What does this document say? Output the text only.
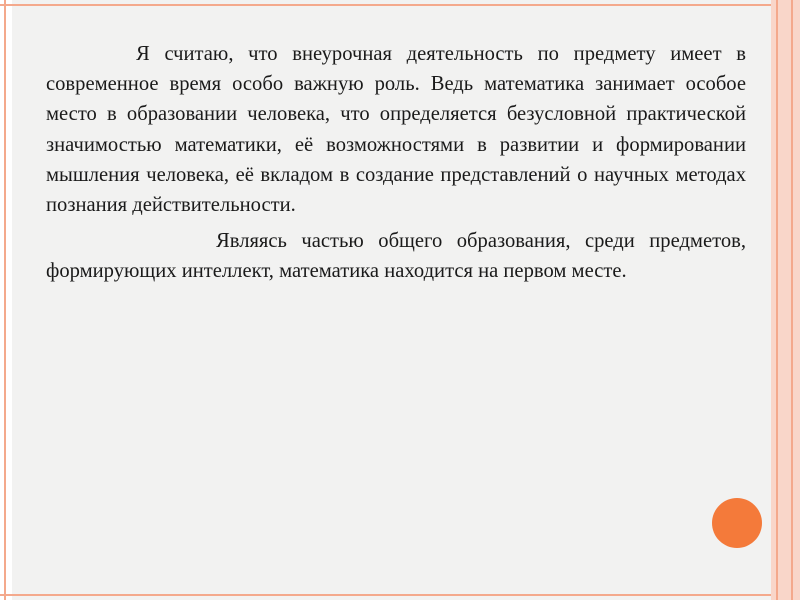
Я считаю, что внеурочная деятельность по предмету имеет в современное время особо важную роль. Ведь математика занимает особое место в образовании человека, что определяется безусловной практической значимостью математики, её возможностями в развитии и формировании мышления человека, её вкладом в создание представлений о научных методах познания действительности.

Являясь частью общего образования, среди предметов, формирующих интеллект, математика находится на первом месте.
